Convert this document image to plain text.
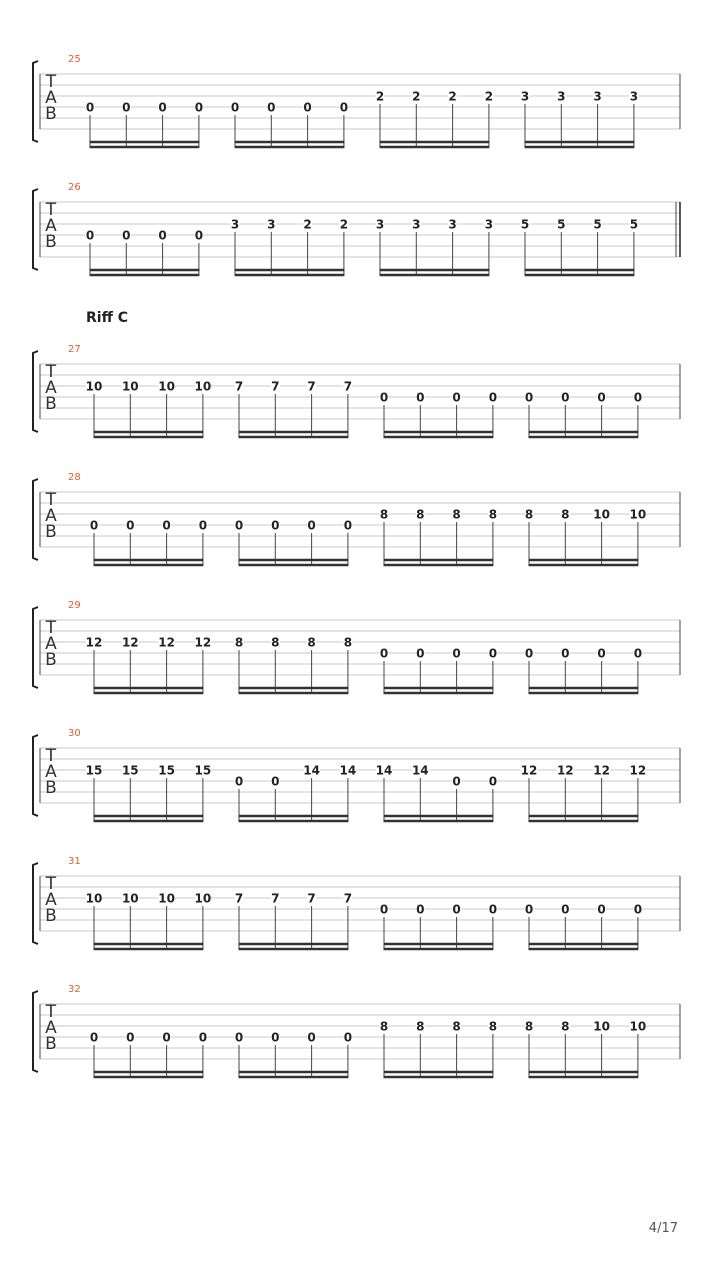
T
A
B
25
0 0 0 0 0 0 0 0
2 2 2 2 3 3 3 3
T
A
B
26
0 0 0 0
3 3 2 2 3 3 3 3 5 5 5 5
T
A
B
27
10 10 10 10 7 7 7 7
0 0 0 0 0 0 0 0
T
A
B
28
0 0 0 0 0 0 0 0
8 8 8 8 8 8 10 10
T
A
B
29
12 12 12 12 8 8 8 8
0 0 0 0 0 0 0 0
T
A
B
30
15 15 15 15
0 0
14 14 14 14
0 0
12 12 12 12
T
A
B
31
10 10 10 10 7 7 7 7
0 0 0 0 0 0 0 0
T
A
B
32
0 0 0 0 0 0 0 0
8 8 8 8 8 8 10 10
Riff C
4/17
